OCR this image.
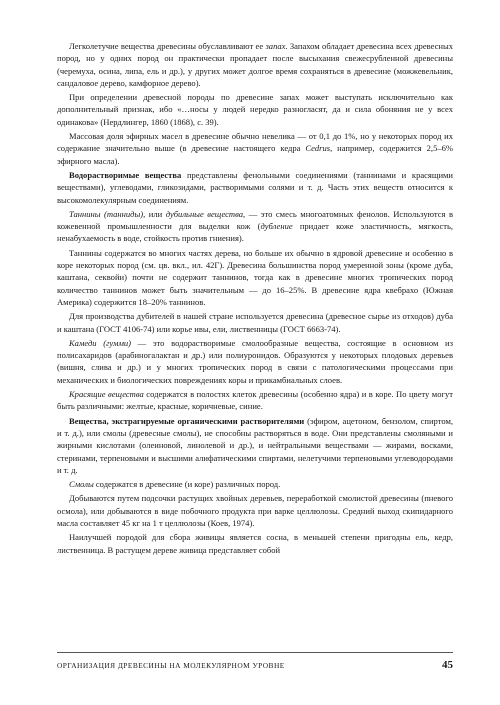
Легколетучие вещества древесины обуславливают ее запах. Запахом обладает древесина всех древесных пород, но у одних пород он практически пропадает после высыхания свежесрубленной древесины (черемуха, осина, липа, ель и др.), у других может долгое время сохраняться в древесине (можжевельник, сандаловое дерево, камфорное дерево).

При определении древесной породы по древесине запах может выступать исключительно как дополнительный признак, ибо «…носы у людей нередко разногласят, да и сила обоняния не у всех одинакова» (Нердлингер, 1860 (1868), с. 39).

Массовая доля эфирных масел в древесине обычно невелика — от 0,1 до 1%, но у некоторых пород их содержание значительно выше (в древесине настоящего кедра Cedrus, например, содержится 2,5–6% эфирного масла).

Водорастворимые вещества представлены фенольными соединениями (таннинами и красящими веществами), углеводами, гликозидами, растворимыми солями и т. д. Часть этих веществ относится к высокомолекулярным соединениям.

Таннины (танниды), или дубильные вещества, — это смесь многоатомных фенолов. Используются в кожевенной промышленности для выделки кож (дубление придает коже эластичность, мягкость, ненабухаемость в воде, стойкость против гниения).

Таннины содержатся во многих частях дерева, но больше их обычно в ядровой древесине и особенно в коре некоторых пород (см. цв. вкл., ил. 42Г). Древесина большинства пород умеренной зоны (кроме дуба, каштана, секвойи) почти не содержит таннинов, тогда как в древесине многих тропических пород количество таннинов может быть значительным — до 16–25%. В древесине ядра квебрахо (Южная Америка) содержится 18–20% таннинов.

Для производства дубителей в нашей стране используется древесина (древесное сырье из отходов) дуба и каштана (ГОСТ 4106-74) или корье ивы, ели, лиственницы (ГОСТ 6663-74).

Камеди (гумми) — это водорастворимые смолообразные вещества, состоящие в основном из полисахаридов (арабиногалактан и др.) или полиуронидов. Образуются у некоторых плодовых деревьев (вишня, слива и др.) и у многих тропических пород в связи с патологическими процессами при механических и биологических повреждениях коры и прикамбиальных слоев.

Красящие вещества содержатся в полостях клеток древесины (особенно ядра) и в коре. По цвету могут быть различными: желтые, красные, коричневые, синие.

Вещества, экстрагируемые органическими растворителями (эфиром, ацетоном, бензолом, спиртом, и т. д.), или смолы (древесные смолы), не способны растворяться в воде. Они представлены смоляными и жирными кислотами (олеиновой, линолевой и др.), и нейтральными веществами — жирами, восками, стеринами, терпеновыми и высшими алифатическими спиртами, нелетучими терпеновыми углеводородами и т. д.

Смолы содержатся в древесине (и коре) различных пород.

Добываются путем подсочки растущих хвойных деревьев, переработкой смолистой древесины (пневого осмола), или добываются в виде побочного продукта при варке целлюлозы. Средний выход скипидарного масла составляет 45 кг на 1 т целлюлозы (Коев, 1974).

Наилучшей породой для сбора живицы является сосна, в меньшей степени пригодны ель, кедр, лиственница. В растущем дереве живица представляет собой

ОРГАНИЗАЦИЯ ДРЕВЕСИНЫ НА МОЛЕКУЛЯРНОМ УРОВНЕ	45
